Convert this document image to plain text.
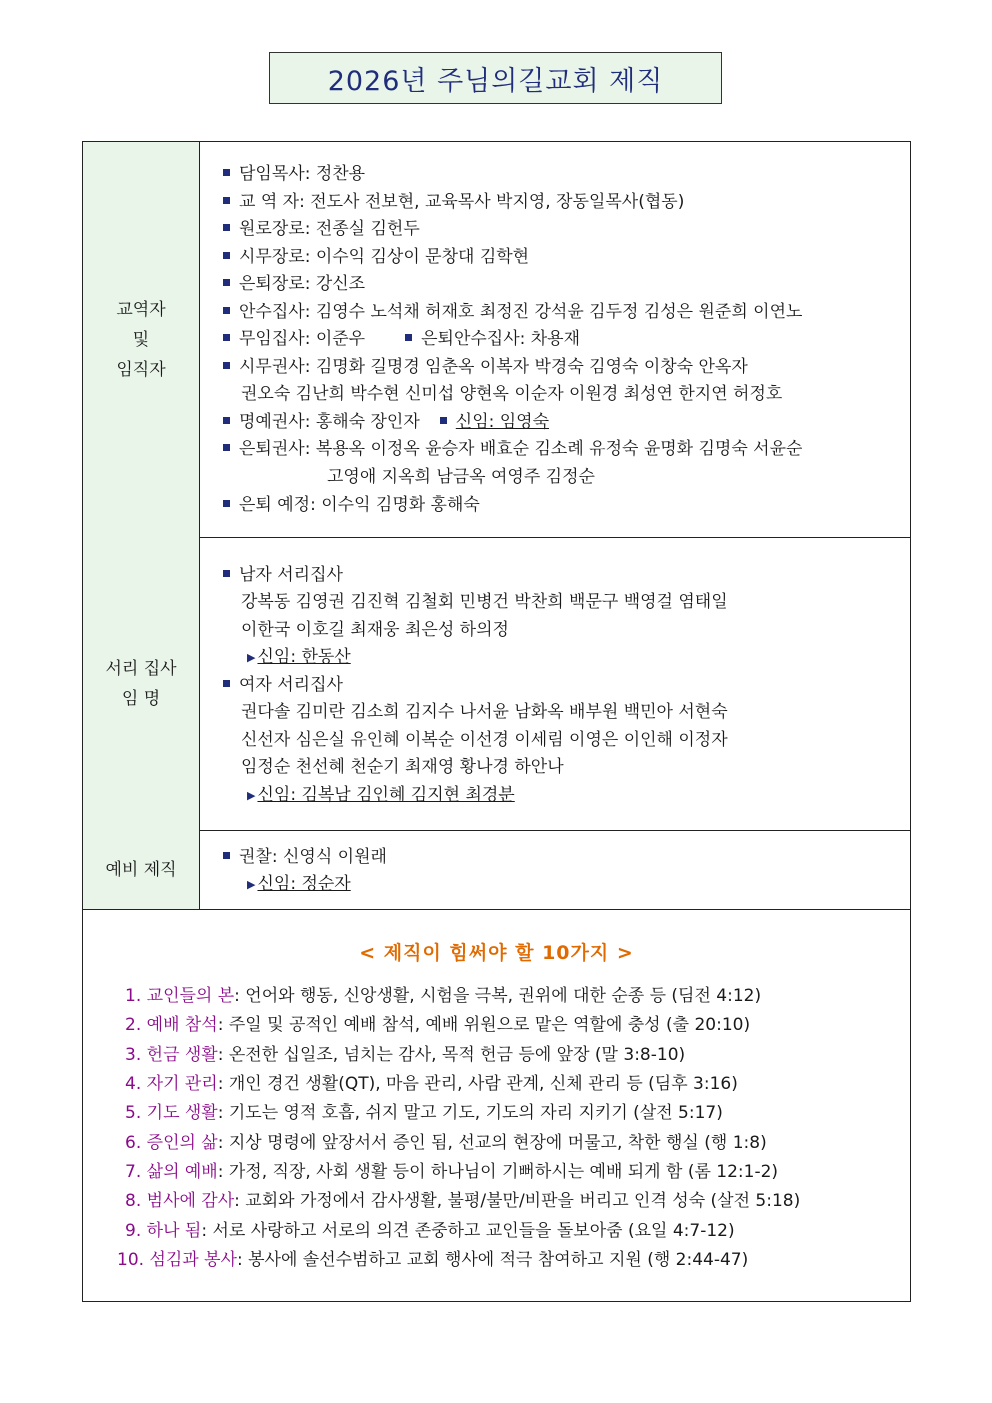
2026년 주님의길교회 제직
교역자
및
임직자
담임목사: 정찬용
교 역 자: 전도사 전보현, 교육목사 박지영, 장동일목사(협동)
원로장로: 전종실 김헌두
시무장로: 이수익 김상이 문창대 김학현
은퇴장로: 강신조
안수집사: 김영수 노석채 허재호 최정진 강석윤 김두정 김성은 원준희 이연노
무임집사: 이준우	은퇴안수집사: 차용재
시무권사: 김명화 길명경 임춘옥 이복자 박경숙 김영숙 이창숙 안옥자
권오숙 김난희 박수현 신미섭 양현옥 이순자 이원경 최성연 한지연 허정호
명예권사: 홍해숙 장인자 신임: 임영숙
은퇴권사: 복용옥 이정옥 윤승자 배효순 김소례 유정숙 윤명화 김명숙 서윤순
고영애 지옥희 남금옥 여영주 김정순
은퇴 예정: 이수익 김명화 홍해숙
서리 집사
임 명
남자 서리집사
강복동 김영권 김진혁 김철회 민병건 박찬희 백문구 백영걸 염태일
이한국 이호길 최재웅 최은성 하의정
▶ 신임: 한동산
여자 서리집사
권다솔 김미란 김소희 김지수 나서윤 남화옥 배부원 백민아 서현숙
신선자 심은실 유인혜 이복순 이선경 이세림 이영은 이인해 이정자
임정순 천선혜 천순기 최재영 황나경 하안나
▶ 신임: 김복남 김인혜 김지현 최경분
예비 제직
권찰: 신영식 이원래
▶ 신임: 정순자
< 제직이 힘써야 할 10가지 >
1. 교인들의 본: 언어와 행동, 신앙생활, 시험을 극복, 권위에 대한 순종 등 (딤전 4:12)
2. 예배 참석: 주일 및 공적인 예배 참석, 예배 위원으로 맡은 역할에 충성 (출 20:10)
3. 헌금 생활: 온전한 십일조, 넘치는 감사, 목적 헌금 등에 앞장 (말 3:8-10)
4. 자기 관리: 개인 경건 생활(QT), 마음 관리, 사람 관계, 신체 관리 등 (딤후 3:16)
5. 기도 생활: 기도는 영적 호흡, 쉬지 말고 기도, 기도의 자리 지키기 (살전 5:17)
6. 증인의 삶: 지상 명령에 앞장서서 증인 됨, 선교의 현장에 머물고, 착한 행실 (행 1:8)
7. 삶의 예배: 가정, 직장, 사회 생활 등이 하나님이 기뻐하시는 예배 되게 함 (롬 12:1-2)
8. 범사에 감사: 교회와 가정에서 감사생활, 불평/불만/비판을 버리고 인격 성숙 (살전 5:18)
9. 하나 됨: 서로 사랑하고 서로의 의견 존중하고 교인들을 돌보아줌 (요일 4:7-12)
10. 섬김과 봉사: 봉사에 솔선수범하고 교회 행사에 적극 참여하고 지원 (행 2:44-47)
